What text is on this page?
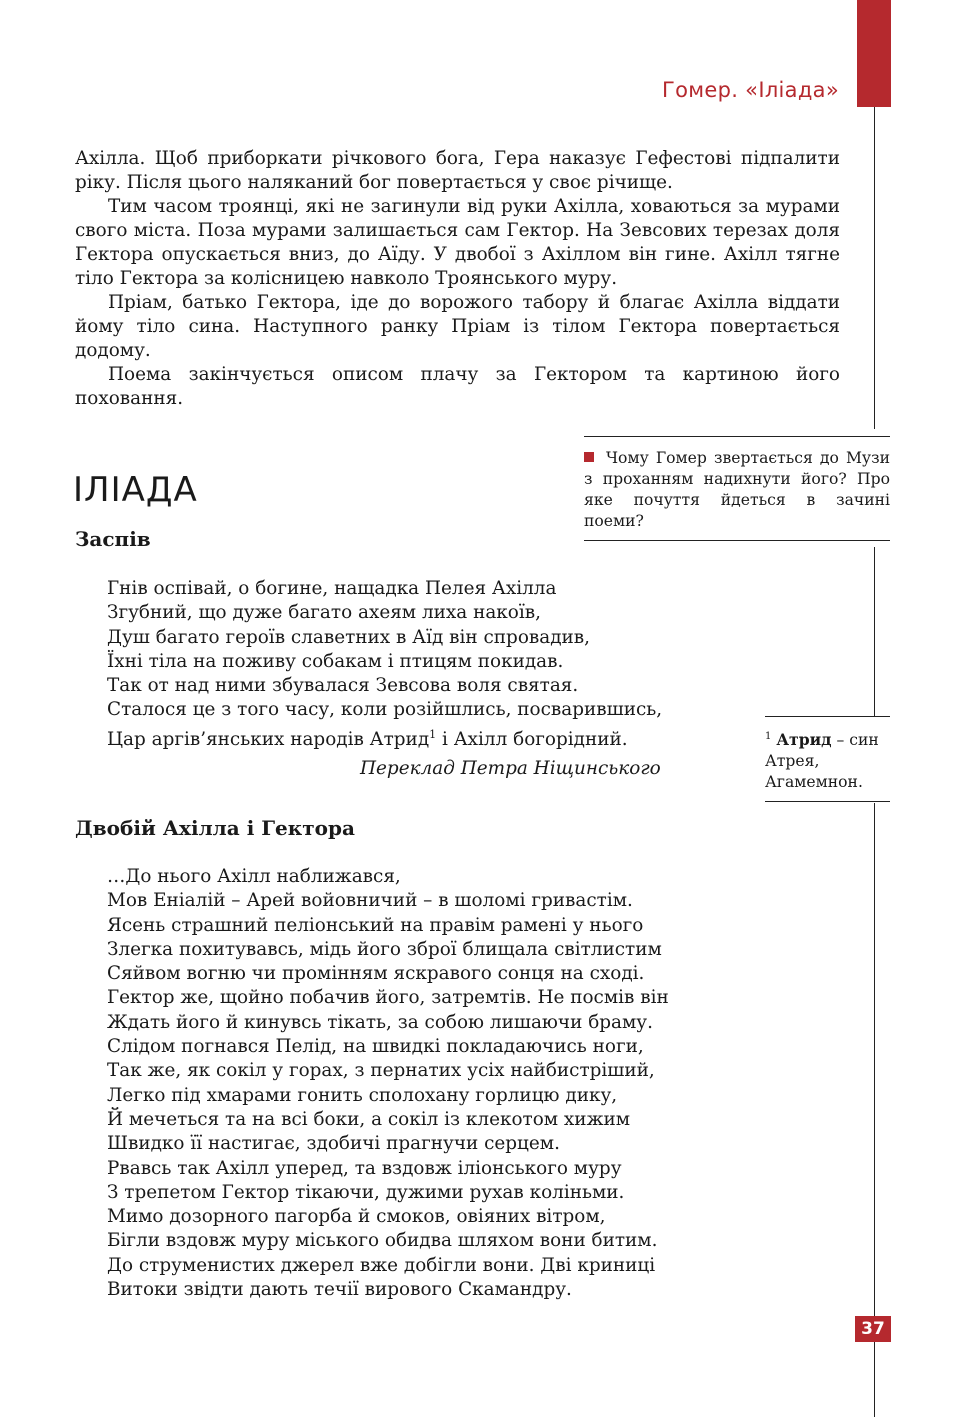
Гомер. «Іліада»

Ахілла. Щоб приборкати річкового бога, Гера наказує Гефестові підпалити ріку. Після цього наляканий бог повертається у своє річище.

Тим часом троянці, які не загинули від руки Ахілла, ховаються за мурами свого міста. Поза мурами залишається сам Гектор. На Зевсових терезах доля Гектора опускається вниз, до Аїду. У двобої з Ахіллом він гине. Ахілл тягне тіло Гектора за колісницею навколо Троянського муру.

Пріам, батько Гектора, іде до ворожого табору й благає Ахілла віддати йому тіло сина. Наступного ранку Пріам із тілом Гектора повертається додому.

Поема закінчується описом плачу за Гектором та картиною його поховання.

Чому Гомер звертається до Музи з проханням надихнути його? Про яке почуття йдеться в зачині поеми?
ІЛІАДА
Заспів
Гнів оспівай, о богине, нащадка Пелея Ахілла
Згубний, що дуже багато ахеям лиха накоїв,
Душ багато героїв славетних в Аїд він спровадив,
Їхні тіла на поживу собакам і птицям покидав.
Так от над ними збувалася Зевсова воля святая.
Сталося це з того часу, коли розійшлись, посварившись,
Цар аргів’янських народів Атрид$^1$ і Ахілл богорідний.
Переклад Петра Ніщинського
$^1$ Атрид – син Атрея, Агамемнон.
Двобій Ахілла і Гектора
…До нього Ахілл наближався,
Мов Еніалій – Арей войовничий – в шоломі гривастім.
Ясень страшний пеліонський на правім рамені у нього
Злегка похитувавсь, мідь його зброї блищала світлистим
Сяйвом вогню чи промінням яскравого сонця на сході.
Гектор же, щойно побачив його, затремтів. Не посмів він
Ждать його й кинувсь тікать, за собою лишаючи браму.
Слідом погнався Пелід, на швидкі покладаючись ноги,
Так же, як сокіл у горах, з пернатих усіх найбистріший,
Легко під хмарами гонить сполохану горлицю дику,
Й мечеться та на всі боки, а сокіл із клекотом хижим
Швидко її настигає, здобичі прагнучи серцем.
Рвавсь так Ахілл уперед, та вздовж іліонського муру
З трепетом Гектор тікаючи, дужими рухав коліньми.
Мимо дозорного пагорба й смоков, овіяних вітром,
Бігли вздовж муру міського обидва шляхом вони битим.
До струменистих джерел вже добігли вони. Дві криниці
Витоки звідти дають течії вирового Скамандру.
37
